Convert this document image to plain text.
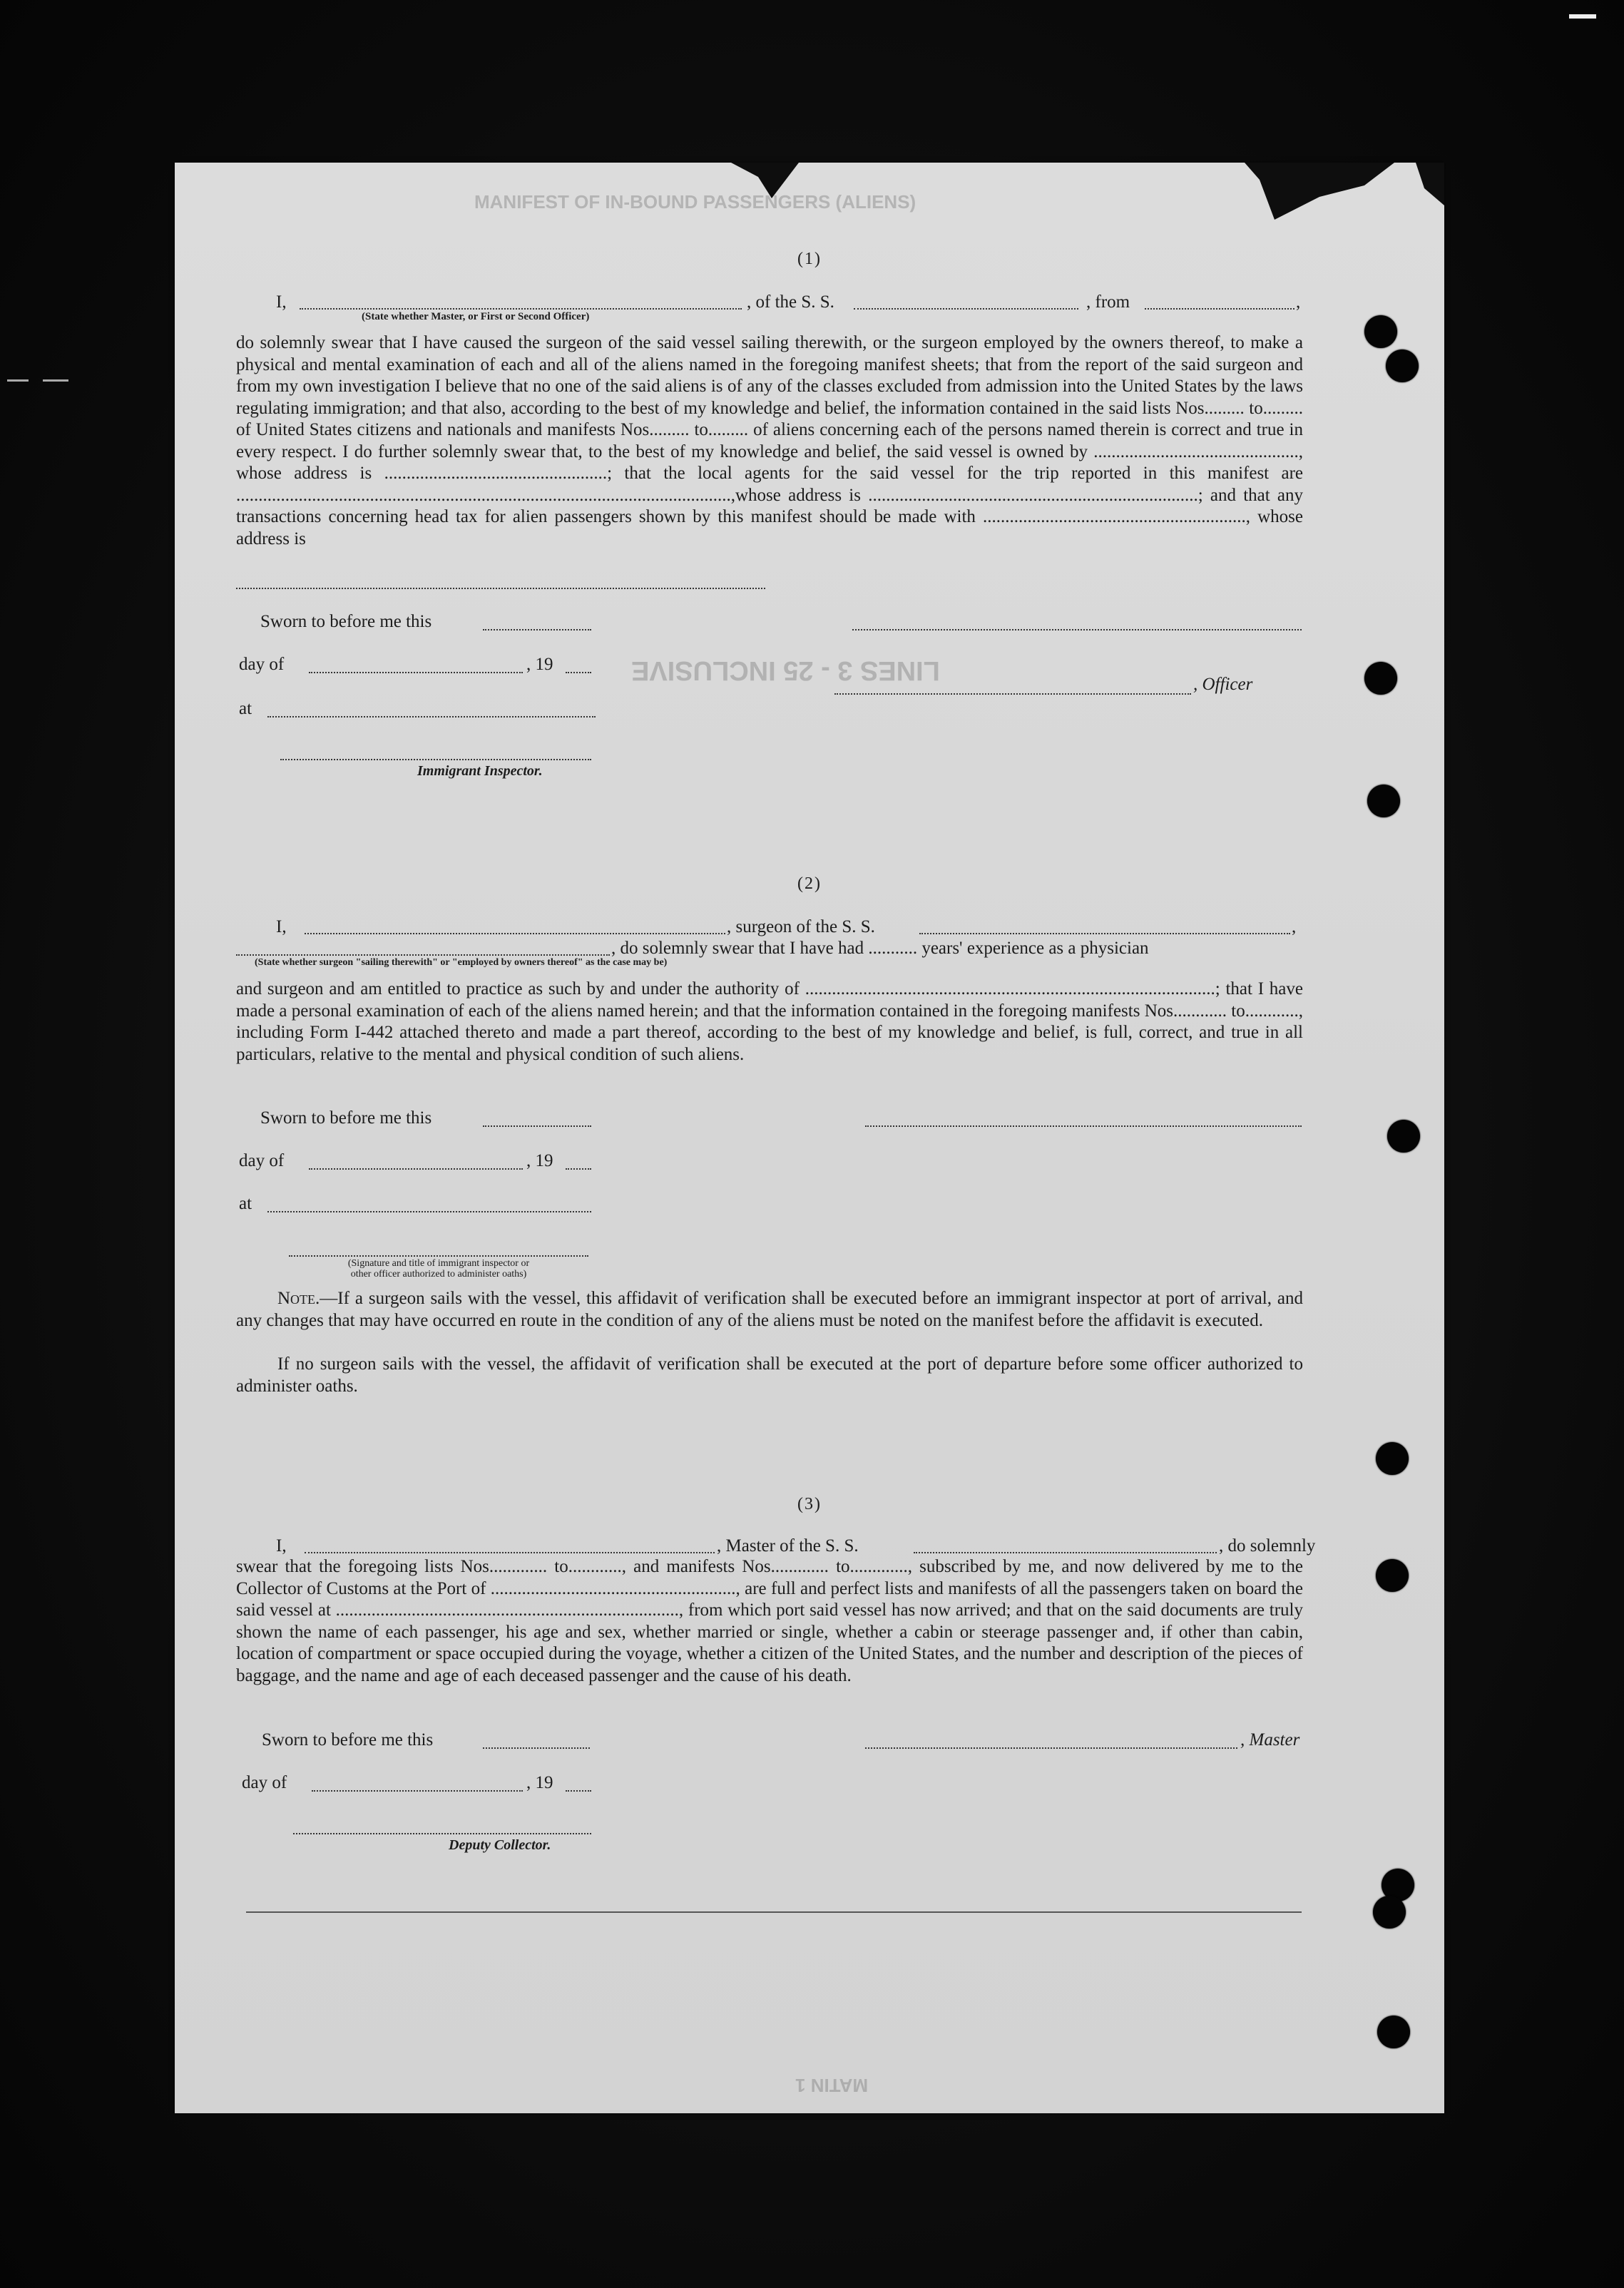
MANIFEST OF IN-BOUND PASSENGERS (ALIENS)
LINES 3 - 25 INCLUSIVE
MATIN 1
(1)
I,	, of the S. S.	, from	,
(State whether Master, or First or Second Officer)
do solemnly swear that I have caused the surgeon of the said vessel sailing therewith, or the surgeon employed by the owners thereof, to make a physical and mental examination of each and all of the aliens named in the foregoing manifest sheets; that from the report of the said surgeon and from my own investigation I believe that no one of the said aliens is of any of the classes excluded from admission into the United States by the laws regulating immigration; and that also, according to the best of my knowledge and belief, the information contained in the said lists Nos......... to......... of United States citizens and nationals and manifests Nos......... to......... of aliens concerning each of the persons named therein is correct and true in every respect. I do further solemnly swear that, to the best of my knowledge and belief, the said vessel is owned by .............................................., whose address is ..................................................; that the local agents for the said vessel for the trip reported in this manifest are ...............................................................................................................,whose address is ..........................................................................; and that any transactions concerning head tax for alien passengers shown by this manifest should be made with ..........................................................., whose address is
Sworn to before me this
day of	, 19
, Officer
at
Immigrant Inspector.
(2)
I,	, surgeon of the S. S.	,
, do solemnly swear that I have had ........... years' experience as a physician
(State whether surgeon "sailing therewith" or "employed by owners thereof" as the case may be)
and surgeon and am entitled to practice as such by and under the authority of ............................................................................................; that I have made a personal examination of each of the aliens named herein; and that the information contained in the foregoing manifests Nos............ to............, including Form I-442 attached thereto and made a part thereof, according to the best of my knowledge and belief, is full, correct, and true in all particulars, relative to the mental and physical condition of such aliens.
Sworn to before me this
day of	, 19
at
(Signature and title of immigrant inspector or
other officer authorized to administer oaths)
Note.—If a surgeon sails with the vessel, this affidavit of verification shall be executed before an immigrant inspector at port of arrival, and any changes that may have occurred en route in the condition of any of the aliens must be noted on the manifest before the affidavit is executed.
If no surgeon sails with the vessel, the affidavit of verification shall be executed at the port of departure before some officer authorized to administer oaths.
(3)
I,	, Master of the S. S.	, do solemnly
swear that the foregoing lists Nos............. to............, and manifests Nos............. to............., subscribed by me, and now delivered by me to the Collector of Customs at the Port of ......................................................., are full and perfect lists and manifests of all the passengers taken on board the said vessel at ............................................................................., from which port said vessel has now arrived; and that on the said documents are truly shown the name of each passenger, his age and sex, whether married or single, whether a cabin or steerage passenger and, if other than cabin, location of compartment or space occupied during the voyage, whether a citizen of the United States, and the number and description of the pieces of baggage, and the name and age of each deceased passenger and the cause of his death.
Sworn to before me this	, Master
day of	, 19
Deputy Collector.
